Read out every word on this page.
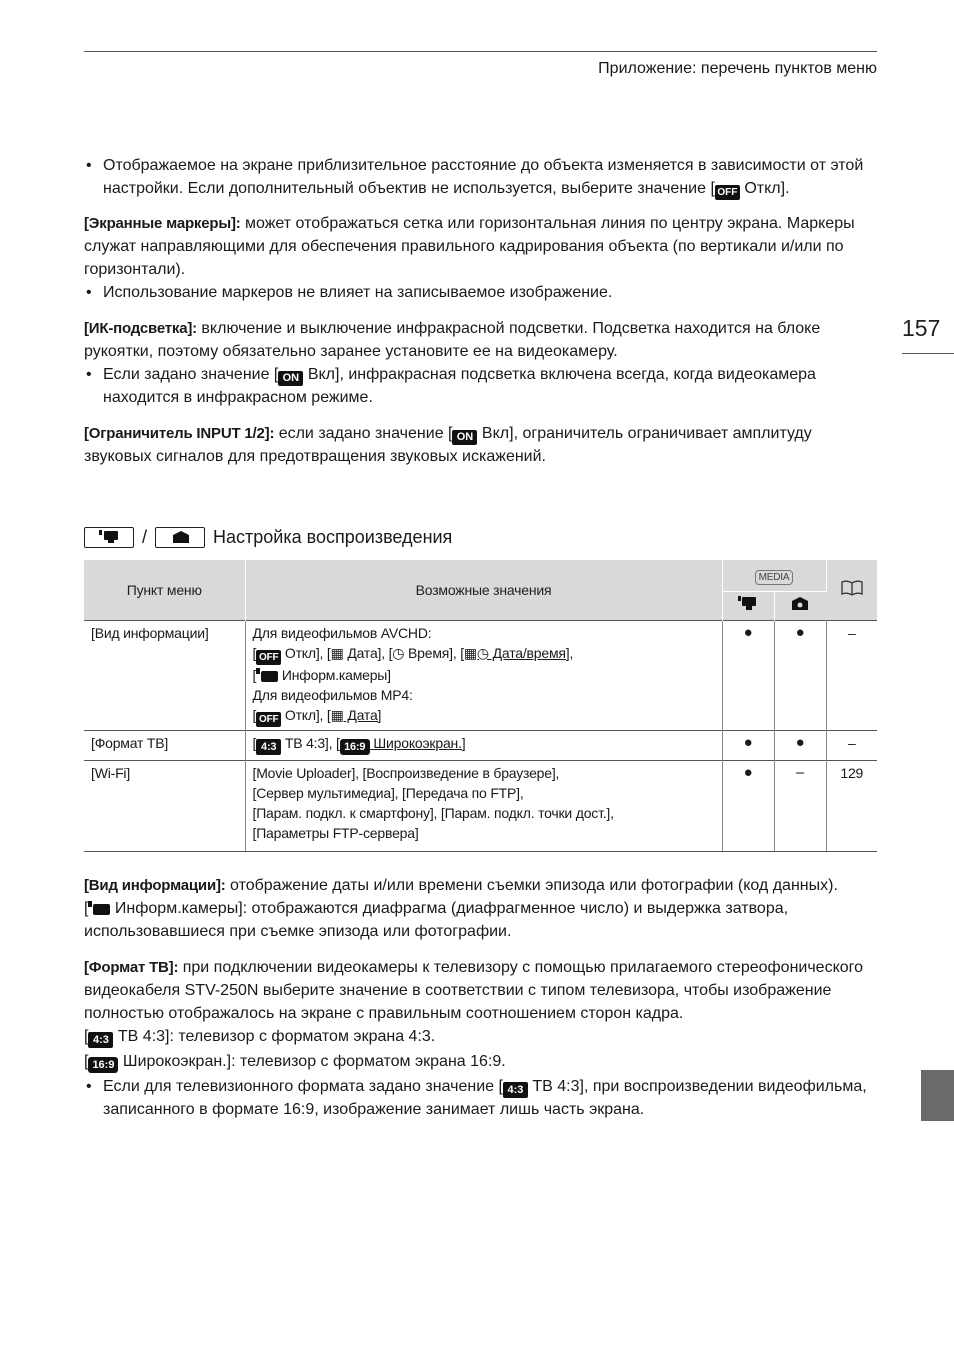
Приложение: перечень пунктов меню
157

• Отображаемое на экране приблизительное расстояние до объекта изменяется в зависимости от этой настройки. Если дополнительный объектив не используется, выберите значение [ OFF Откл].

[Экранные маркеры]: может отображаться сетка или горизонтальная линия по центру экрана. Маркеры служат направляющими для обеспечения правильного кадрирования объекта (по вертикали и/или по горизонтали).

• Использование маркеров не влияет на записываемое изображение.

[ИК-подсветка]: включение и выключение инфракрасной подсветки. Подсветка находится на блоке рукоятки, поэтому обязательно заранее установите ее на видеокамеру.

• Если задано значение [ ON Вкл], инфракрасная подсветка включена всегда, когда видеокамера находится в инфракрасном режиме.

[Ограничитель INPUT 1/2]: если задано значение [ ON Вкл], ограничитель ограничивает амплитуду звуковых сигналов для предотвращения звуковых искажений.

/	Настройка воспроизведения
Пункт меню	Возможные значения	MEDIA	

[Вид информации]	Для видеофильмов AVCHD:
[ OFF Откл], [▦ Дата], [◷ Время], [▦◷ Дата/время],
[ Информ.камеры]
Для видеофильмов MP4:
[ OFF Откл], [▦ Дата]	●	●	–
[Формат ТВ]	[ 4:3 ТВ 4:3], [ 16:9 Широкоэкран.]	●	●	–
[Wi-Fi]	[Movie Uploader], [Воспроизведение в браузере],
[Сервер мультимедиа], [Передача по FTP],
[Парам. подкл. к смартфону], [Парам. подкл. точки дост.],
[Параметры FTP-сервера]	●	–	129

[Вид информации]: отображение даты и/или времени съемки эпизода или фотографии (код данных).

[ Информ.камеры]: отображаются диафрагма (диафрагменное число) и выдержка затвора, использовавшиеся при съемке эпизода или фотографии.

[Формат ТВ]: при подключении видеокамеры к телевизору с помощью прилагаемого стереофонического видеокабеля STV-250N выберите значение в соответствии с типом телевизора, чтобы изображение полностью отображалось на экране с правильным соотношением сторон кадра.

[ 4:3 ТВ 4:3]: телевизор с форматом экрана 4:3.

[ 16:9 Широкоэкран.]: телевизор с форматом экрана 16:9.

• Если для телевизионного формата задано значение [ 4:3 ТВ 4:3], при воспроизведении видеофильма, записанного в формате 16:9, изображение занимает лишь часть экрана.
